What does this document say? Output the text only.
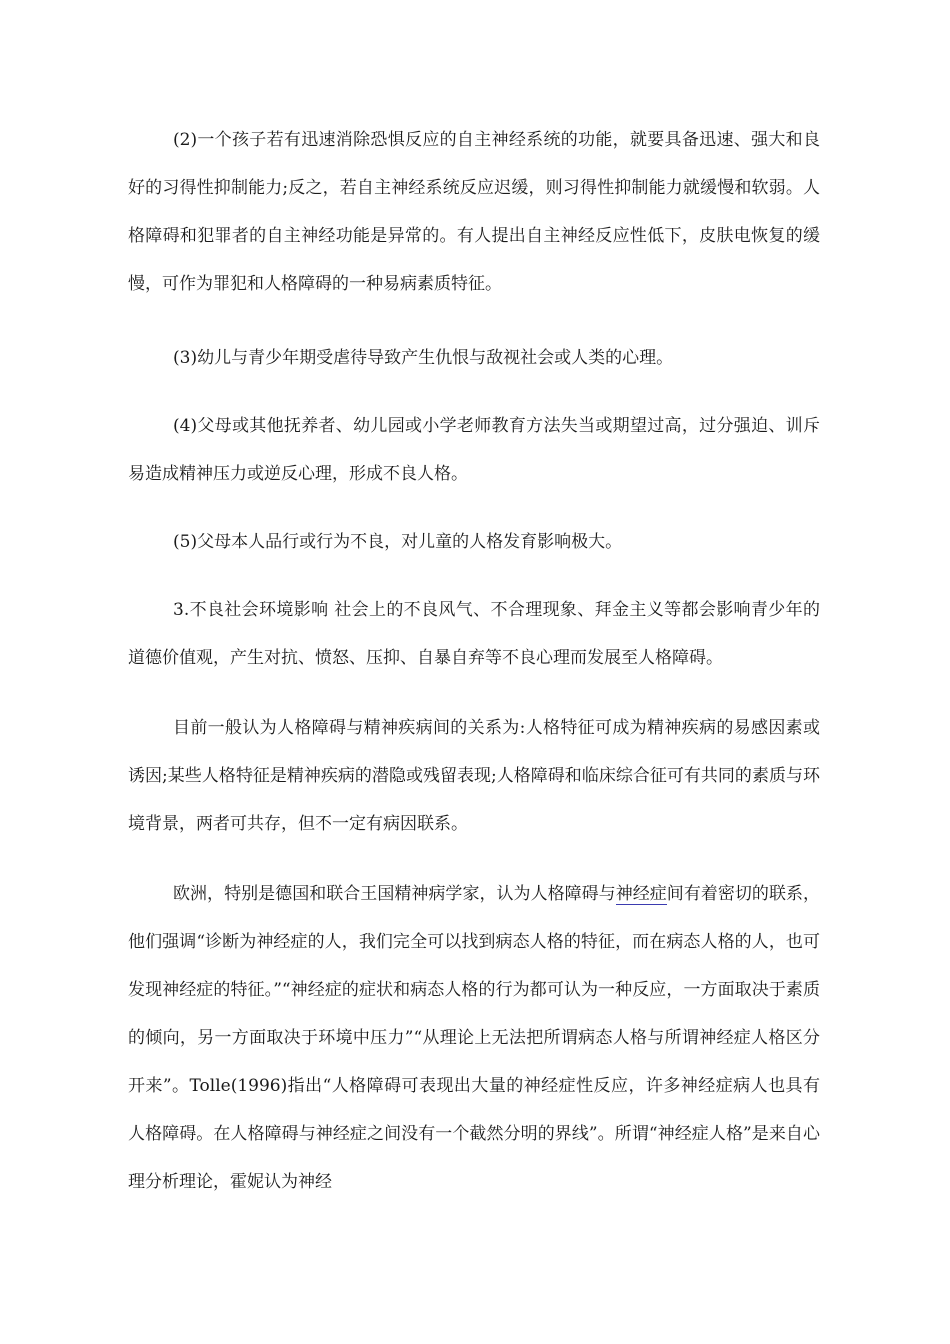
(2)一个孩子若有迅速消除恐惧反应的自主神经系统的功能，就要具备迅速、强大和良好的习得性抑制能力;反之，若自主神经系统反应迟缓，则习得性抑制能力就缓慢和软弱。人格障碍和犯罪者的自主神经功能是异常的。有人提出自主神经反应性低下，皮肤电恢复的缓慢，可作为罪犯和人格障碍的一种易病素质特征。

(3)幼儿与青少年期受虐待导致产生仇恨与敌视社会或人类的心理。

(4)父母或其他抚养者、幼儿园或小学老师教育方法失当或期望过高，过分强迫、训斥易造成精神压力或逆反心理，形成不良人格。

(5)父母本人品行或行为不良，对儿童的人格发育影响极大。

3.不良社会环境影响 社会上的不良风气、不合理现象、拜金主义等都会影响青少年的道德价值观，产生对抗、愤怒、压抑、自暴自弃等不良心理而发展至人格障碍。

目前一般认为人格障碍与精神疾病间的关系为:人格特征可成为精神疾病的易感因素或诱因;某些人格特征是精神疾病的潜隐或残留表现;人格障碍和临床综合征可有共同的素质与环境背景，两者可共存，但不一定有病因联系。

欧洲，特别是德国和联合王国精神病学家，认为人格障碍与神经症间有着密切的联系，他们强调“诊断为神经症的人，我们完全可以找到病态人格的特征，而在病态人格的人，也可发现神经症的特征。”“神经症的症状和病态人格的行为都可认为一种反应，一方面取决于素质的倾向，另一方面取决于环境中压力”“从理论上无法把所谓病态人格与所谓神经症人格区分开来”。Tolle(1996)指出“人格障碍可表现出大量的神经症性反应，许多神经症病人也具有人格障碍。在人格障碍与神经症之间没有一个截然分明的界线”。所谓“神经症人格”是来自心理分析理论，霍妮认为神经
